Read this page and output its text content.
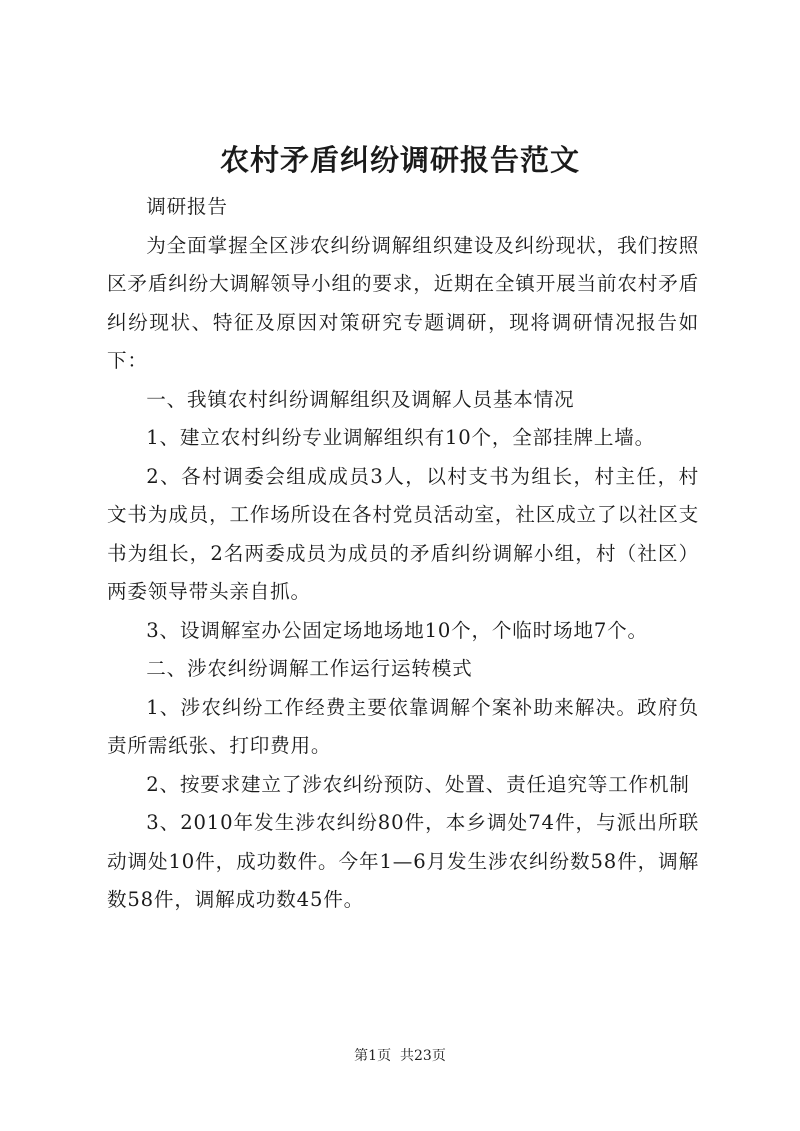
农村矛盾纠纷调研报告范文

调研报告

为全面掌握全区涉农纠纷调解组织建设及纠纷现状，我们按照区矛盾纠纷大调解领导小组的要求，近期在全镇开展当前农村矛盾纠纷现状、特征及原因对策研究专题调研，现将调研情况报告如下：

一、我镇农村纠纷调解组织及调解人员基本情况

1、建立农村纠纷专业调解组织有10个，全部挂牌上墙。

2、各村调委会组成成员3人，以村支书为组长，村主任，村文书为成员，工作场所设在各村党员活动室，社区成立了以社区支书为组长，2名两委成员为成员的矛盾纠纷调解小组，村（社区）两委领导带头亲自抓。

3、设调解室办公固定场地场地10个，个临时场地7个。

二、涉农纠纷调解工作运行运转模式

1、涉农纠纷工作经费主要依靠调解个案补助来解决。政府负责所需纸张、打印费用。

2、按要求建立了涉农纠纷预防、处置、责任追究等工作机制

3、2010年发生涉农纠纷80件，本乡调处74件，与派出所联动调处10件，成功数件。今年1—6月发生涉农纠纷数58件，调解数58件，调解成功数45件。

第1页  共23页
